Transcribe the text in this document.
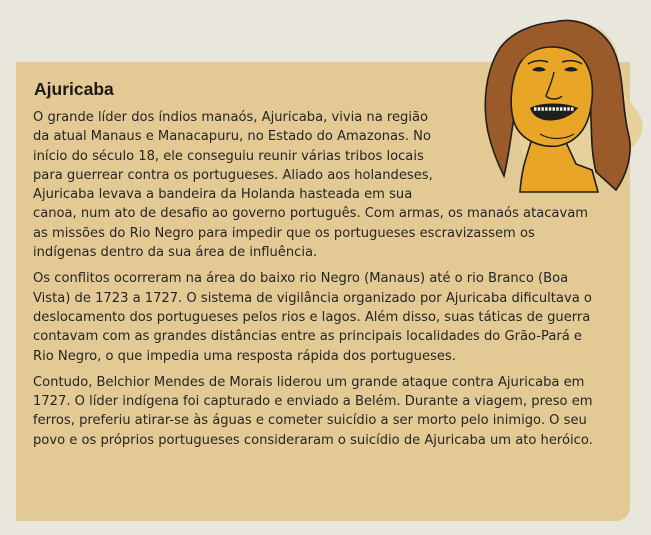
Ajuricaba

O grande líder dos índios manaós, Ajuricaba, vivia na região da atual Manaus e Manacapuru, no Estado do Amazonas. No início do século 18, ele conseguiu reunir várias tribos locais para guerrear contra os portugueses. Aliado aos holandeses, Ajuricaba levava a bandeira da Holanda hasteada em sua canoa, num ato de desafio ao governo português. Com armas, os manaós atacavam as missões do Rio Negro para impedir que os portugueses escravizassem os indígenas dentro da sua área de influência.

Os conflitos ocorreram na área do baixo rio Negro (Manaus) até o rio Branco (Boa Vista) de 1723 a 1727. O sistema de vigilância organizado por Ajuricaba dificultava o deslocamento dos portugueses pelos rios e lagos. Além disso, suas táticas de guerra contavam com as grandes distâncias entre as principais localidades do Grão-Pará e Rio Negro, o que impedia uma resposta rápida dos portugueses.

Contudo, Belchior Mendes de Morais liderou um grande ataque contra Ajuricaba em 1727. O líder indígena foi capturado e enviado a Belém. Durante a viagem, preso em ferros, preferiu atirar-se às águas e cometer suicídio a ser morto pelo inimigo. O seu povo e os próprios portugueses consideraram o suicídio de Ajuricaba um ato heróico.
